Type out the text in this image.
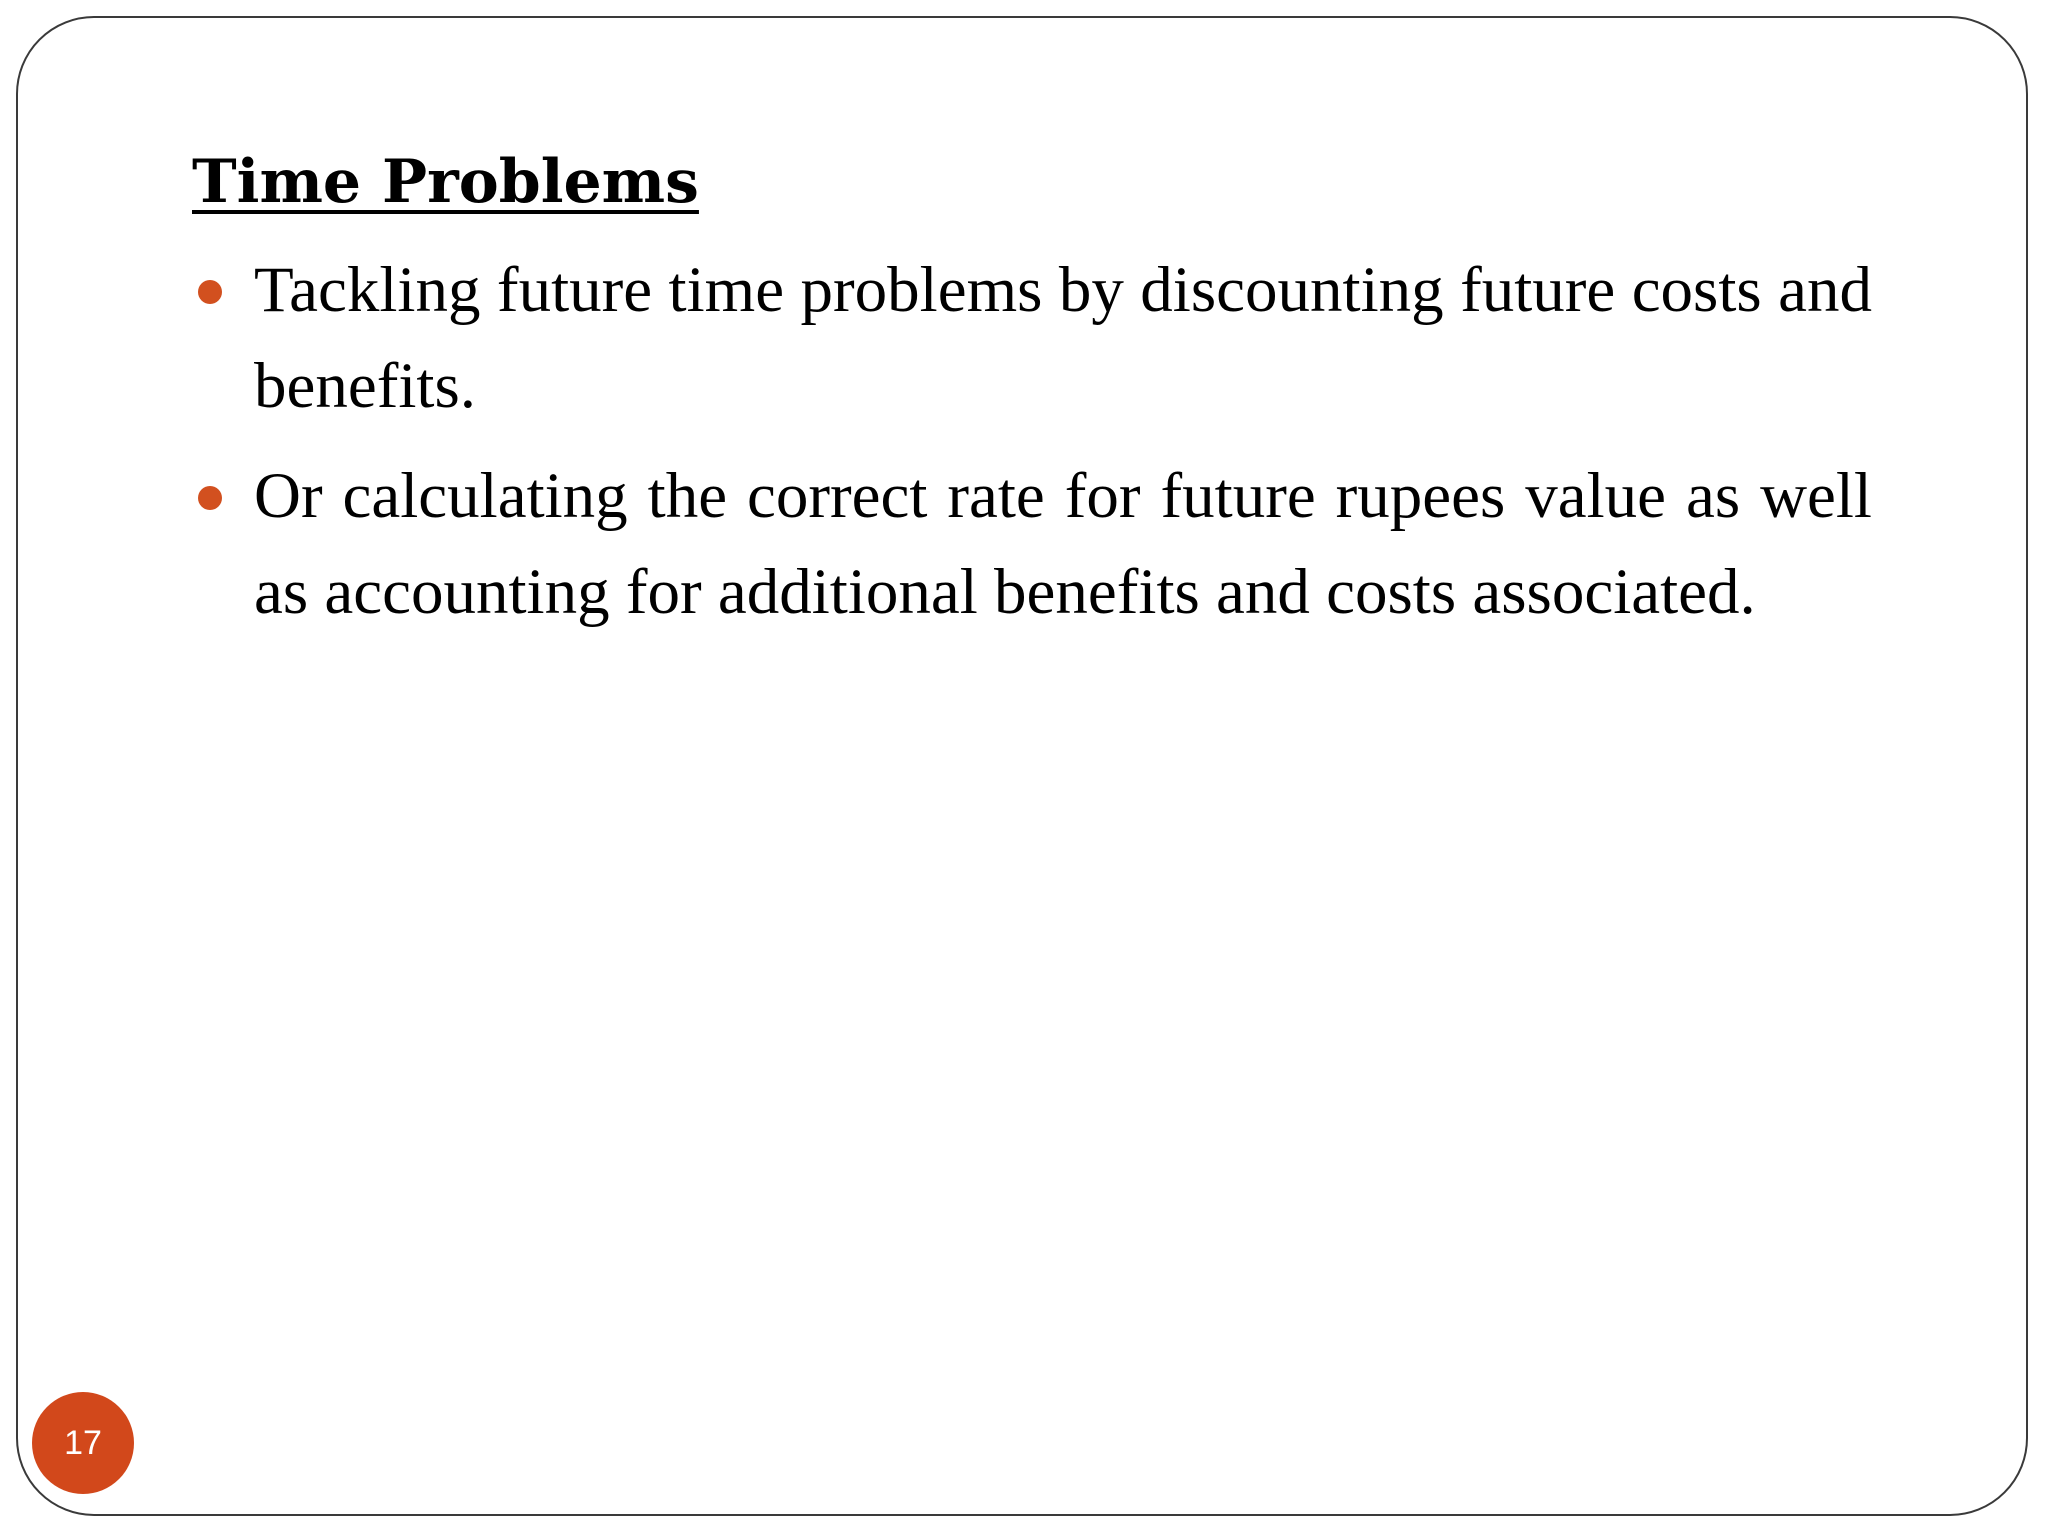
Time Problems
Tackling future time problems by discounting future costs and benefits.
Or calculating the correct rate for future rupees value as well as accounting for additional benefits and costs associated.
17
